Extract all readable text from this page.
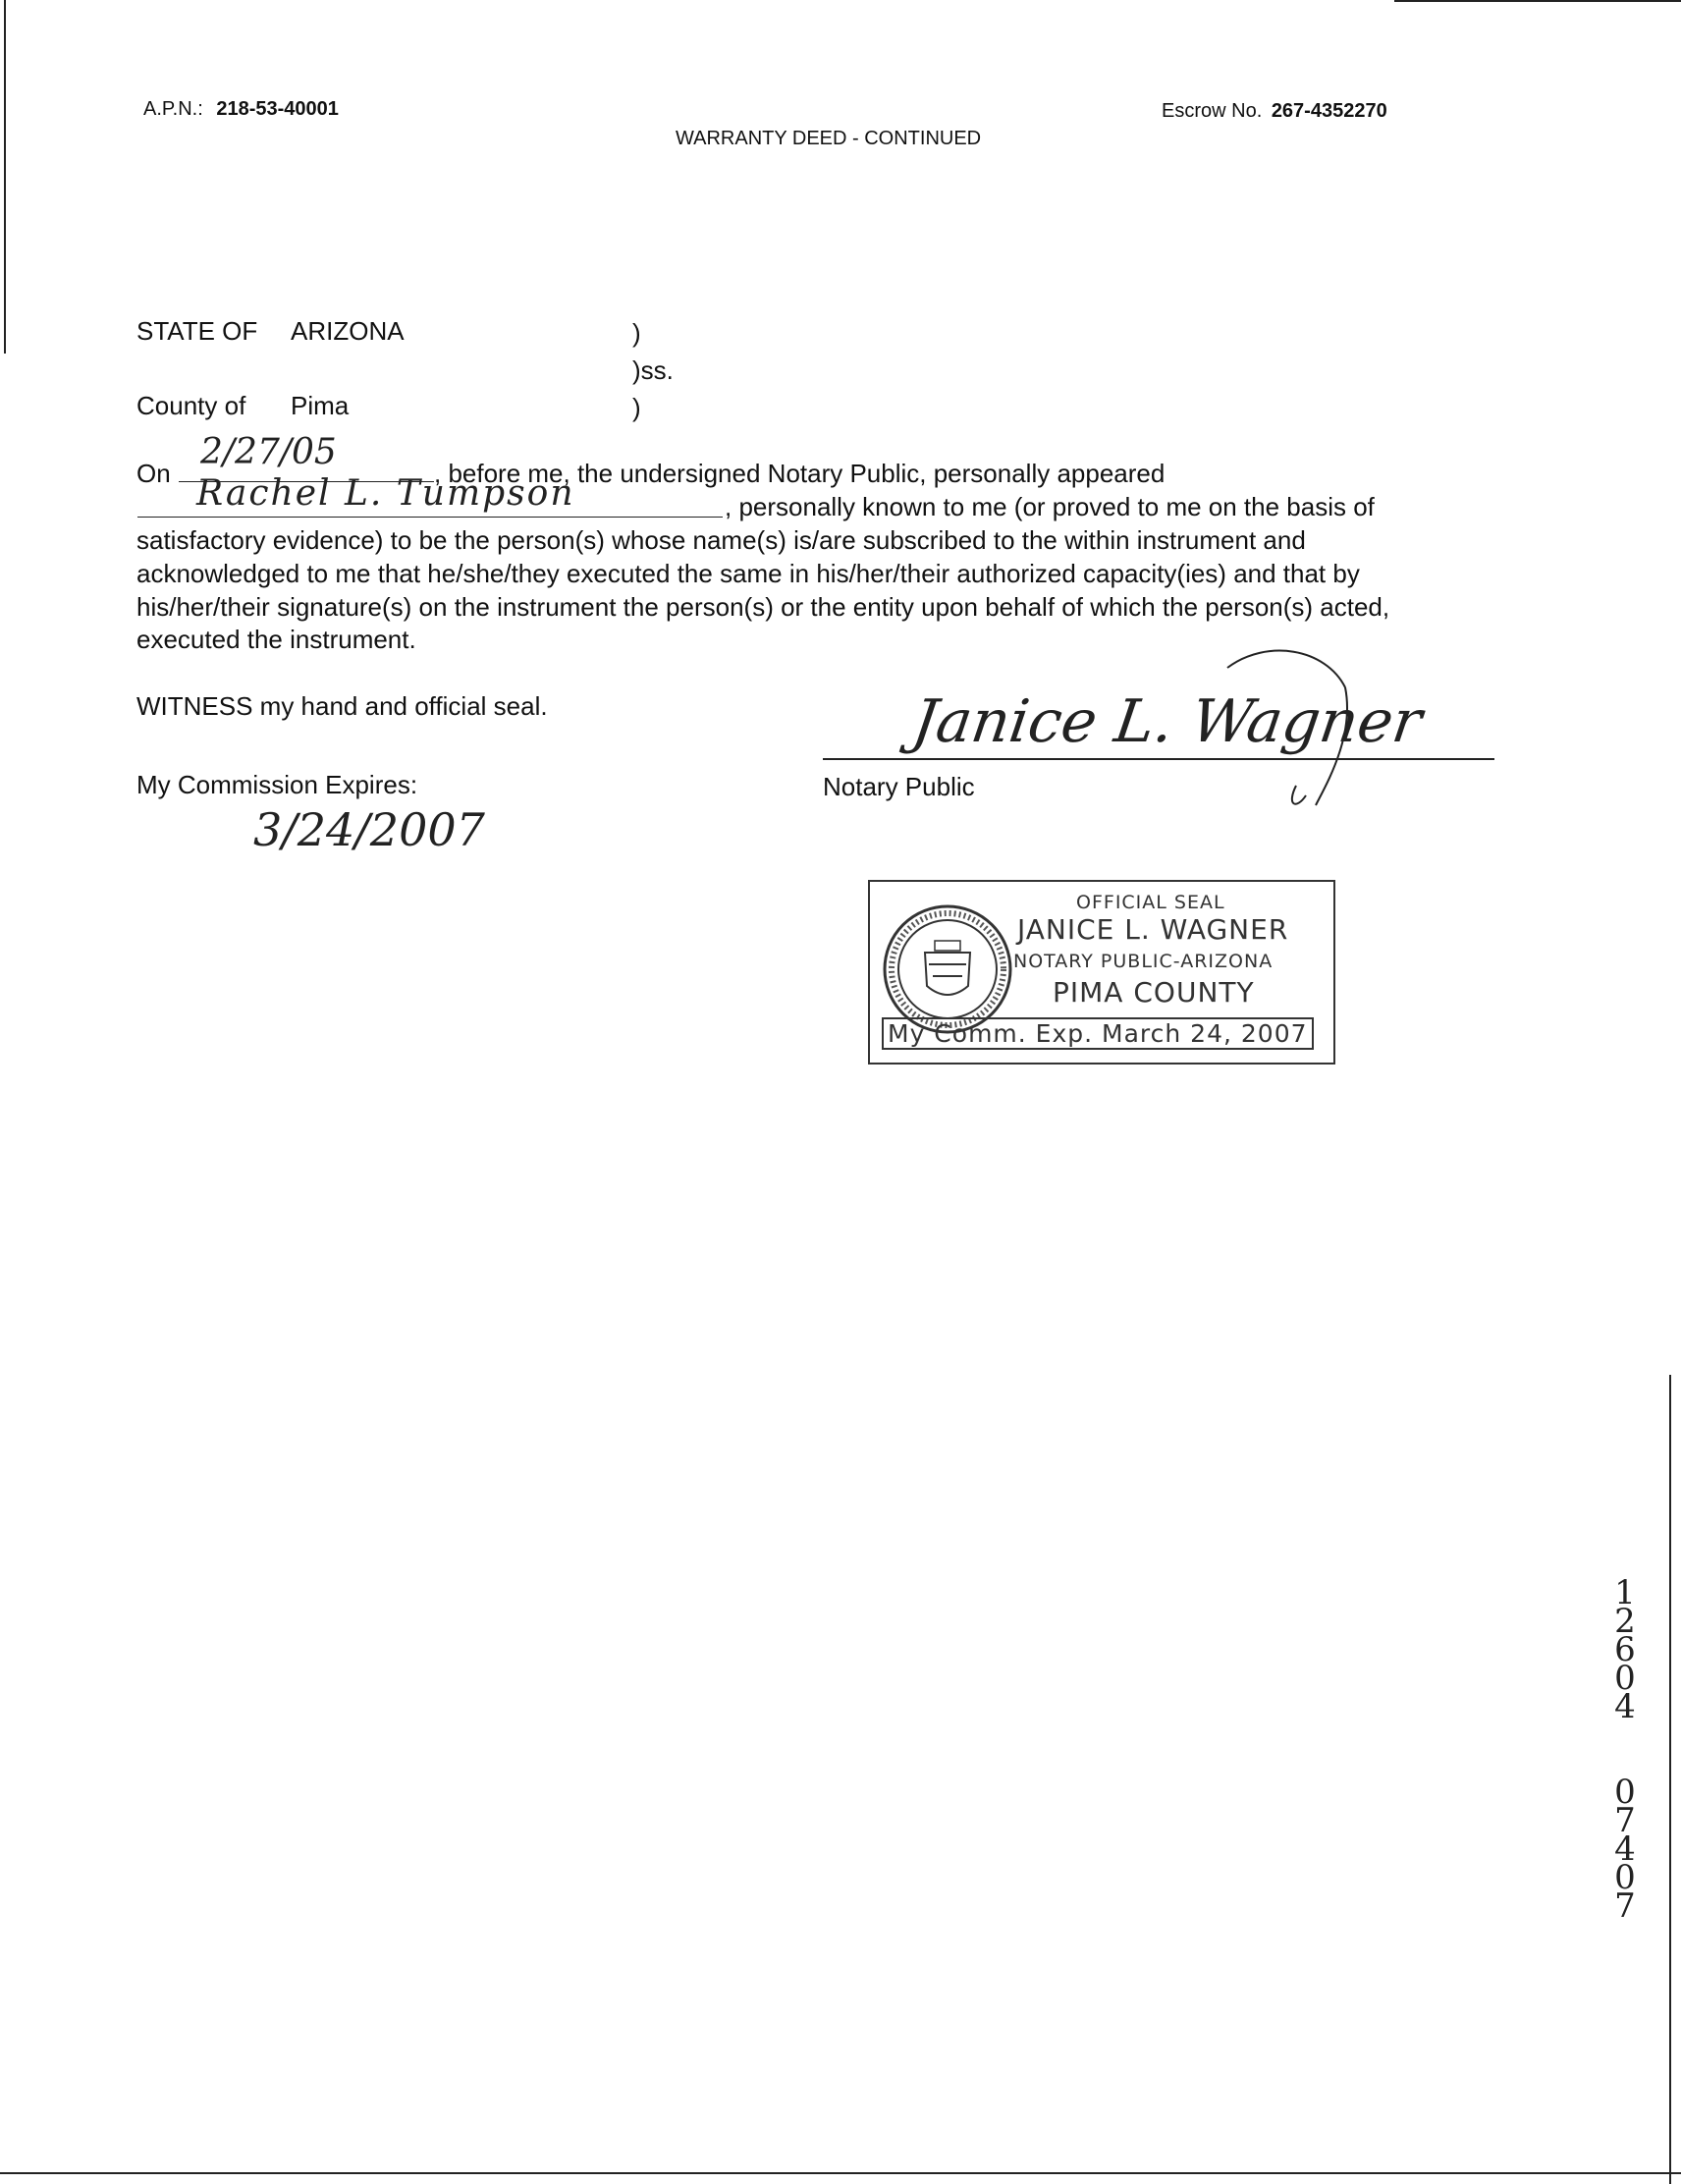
A.P.N.: 218-53-40001
WARRANTY DEED - CONTINUED
Escrow No. 267-4352270
STATE OF ARIZONA	)
)ss.
County of Pima	)
On
2/27/05
, before me, the undersigned Notary Public, personally appeared
Rachel L. Tumpson	, personally known to me (or proved to me on the basis of
satisfactory evidence) to be the person(s) whose name(s) is/are subscribed to the within instrument and
acknowledged to me that he/she/they executed the same in his/her/their authorized capacity(ies) and that by
his/her/their signature(s) on the instrument the person(s) or the entity upon behalf of which the person(s) acted,
executed the instrument.
WITNESS my hand and official seal.	Janice L. Wagner
Notary Public
My Commission Expires:
3/24/2007
OFFICIAL SEAL
JANICE L. WAGNER
NOTARY PUBLIC-ARIZONA
PIMA COUNTY
My Comm. Exp. March 24, 2007
1
2
6
0
4

0
7
4
0
7
